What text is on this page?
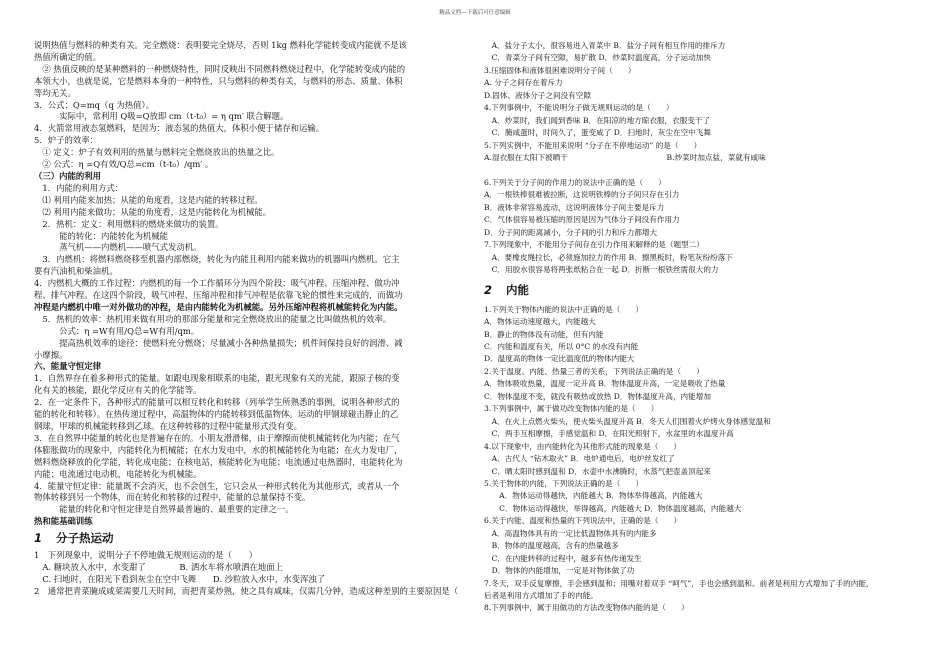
精品文档---下载后可任意编辑
说明热值与燃料的种类有关。完全燃烧：表明要完全烧尽，否则 1kg 燃料化学能转变成内能就不是该
热值所确定的值。
　② 热值反映的是某种燃料的一种燃烧特性，同时反映出不同燃料燃烧过程中，化学能转变成内能的
本领大小，也就是说，它是燃料本身的一种特性，只与燃料的种类有关，与燃料的形态、质量、体积
等均无关。
3．公式：Q=mq（q 为热值）。
　　　实际中，常利用 Q吸=Q放即 cm（t-t₀）= η qm′ 联合解题。
4．火箭常用液态氢燃料，是因为：液态氢的热值大，体积小便于储存和运输。
5．炉子的效率：
　① 定义：炉子有效利用的热量与燃料完全燃烧放出的热量之比。
　② 公式：η =Q有效/Q总=cm（t-t₀）/qm′ 。
（三）内能的利用
　1．内能的利用方式：
　⑴ 利用内能来加热；从能的角度看，这是内能的转移过程。
　⑵ 利用内能来做功；从能的角度看，这是内能转化为机械能。
　2．热机：定义：利用燃料的燃烧来做功的装置。
　　　能的转化：内能转化为机械能
　　　蒸气机——内燃机——喷气式发动机。
　3．内燃机：将燃料燃烧移至机器内部燃烧，转化为内能且利用内能来做功的机器叫内燃机。它主
要有汽油机和柴油机。
4．内燃机大概的工作过程：内燃机的每一个工作循环分为四个阶段：吸气冲程、压缩冲程、做功冲
程、排气冲程。在这四个阶段，吸气冲程、压缩冲程和排气冲程是依靠飞轮的惯性来完成的，而做功
冲程是内燃机中唯一对外做功的冲程，是由内能转化为机械能。另外压缩冲程将机械能转化为内能。
　5．热机的效率：热机用来做有用功的那部分能量和完全燃烧放出的能量之比叫做热机的效率。
　　　公式：η =W有用/Q总=W有用/qm。
　　　提高热机效率的途径：使燃料充分燃烧；尽量减小各种热量损失；机件间保持良好的润滑、减
小摩擦。
六、能量守恒定律
1．自然界存在着多种形式的能量。如跟电现象相联系的电能，跟光现象有关的光能，跟原子核的变
化有关的核能，跟化学反应有关的化学能等。
2．在一定条件下，各种形式的能量可以相互转化和转移（列举学生所熟悉的事例，说明各种形式的
能的转化和转移）。在热传递过程中，高温物体的内能转移到低温物体。运动的甲钢球碰击静止的乙
钢球，甲球的机械能转移到乙球。在这种转移的过程中能量形式没有变。
3．在自然界中能量的转化也是普遍存在的。小朋友滑滑梯，由于摩擦而使机械能转化为内能；在气
体膨胀做功的现象中，内能转化为机械能；在水力发电中，水的机械能转化为电能；在火力发电厂，
燃料燃烧释放的化学能，转化成电能；在核电站，核能转化为电能；电流通过电热器时，电能转化为
内能；电流通过电动机，电能转化为机械能。
4．能量守恒定律：能量既不会消灭，也不会创生，它只会从一种形式转化为其他形式，或者从一个
物体转移到另一个物体，而在转化和转移的过程中，能量的总量保持不变。
　　　能量的转化和守恒定律是自然界最普遍的、最重要的定律之一。
热和能基础训练
1 分子热运动
1　下列现象中，说明分子不停地做无规则运动的是（　　）
　A. 糖块放入水中，水变甜了　　　　B. 洒水车将水喷洒在地面上
　C. 扫地时，在阳光下看到灰尘在空中飞舞　　D. 沙粒放入水中，水变浑浊了
2　通常把青菜腌成咸菜需要几天时间，而把青菜炒熟，使之具有咸味，仅需几分钟，造成这种差别的主要原因是（
　A．盐分子太小，很容易进入青菜中 B．盐分子间有相互作用的排斥力
　C．青菜分子间有空隙，易扩散 D．炒菜时温度高，分子运动加快
3.压缩固体和液体很困难说明分子间（　　）
A. 分子之间存在着斥力
D.固体、液体分子之间没有空隙
4.下列事例中，不能说明分子做无规则运动的是（　　）
　A．炒菜时，我们闻到香味 B．在阳凉的地方晾衣服，衣服变干了
　C．腌咸蛋时，时间久了，蛋变咸了 D．扫地时，灰尘在空中飞舞
5.下列实例中，不能用来说明 “分子在不停地运动” 的是（　　）
A.湿衣服在太阳下被晒干　　　　　　　　　　　　　B.炒菜时加点盐，菜就有咸味

6.下列关于分子间的作用力的说法中正确的是（　　）
A．一根铁棒很难被拉断，这说明铁棒的分子间只存在引力
B．液体非常容易流动，这说明液体分子间主要是斥力
C．气体很容易被压缩的原因是因为气体分子间没有作用力
D．分子间的距离减小，分子间的引力和斥力都增大
7.下列现象中，不能用分子间存在引力作用来解释的是（题型二）
　A．要橡皮绳拉长，必须施加拉力的作用 B．擦黑板时，粉笔灰纷纷落下
　C．用胶水很容易将两张纸粘合在一起 D．折断一根铁丝需很大的力
2 内能
1.下列关于物体内能的说法中正确的是（　　）
A．物体运动速度越大，内能越大
B．静止的物体没有动能，但有内能
C．内能和温度有关，所以 0°C 的水没有内能
D．温度高的物体一定比温度低的物体内能大
2.关于温度、内能、热量三者的关系，下列说法正确的是（　　）
A．物体吸收热量，温度一定升高 B．物体温度升高，一定是吸收了热量
C．物体温度不变，就没有吸热或放热 D．物体温度升高，内能增加
3.下列事例中，属于做功改变物体内能的是（　　）
　A．在火上点燃火柴头，使火柴头温度升高 B．冬天人们围着火炉烤火身体感觉温和
　C．两手互相摩擦，手感觉温和 D．在阳光照射下，水盆里的水温度升高
4.以下现象中，由内能转化为其他形式能的现象是（　　）
　A．古代人 “钻木取火” B．电炉通电后，电炉丝发红了
　C．晒太阳时感到温和 D．水壶中水沸腾时，水蒸气把壶盖顶起来
5.关于物体的内能，下列说法正确的是（　　）
　　A．物体运动得越快，内能越大 B．物体举得越高，内能越大
　　C．物体运动得越快，举得越高，内能越大 D．物体温度越高，内能越大
6.关于内能、温度和热量的下列说法中，正确的是（　　）
　A．高温物体具有的一定比低温物体具有的内能多
　B．物体的温度越高，含有的热量越多
　C．在内能转移的过程中，越多有热传递发生
　D．物体的内能增加，一定是对物体做了功
7.冬天，双手反复摩擦，手会感到温和；用嘴对着双手 “呵气”，手也会感到温和。前者是利用方式增加了手的内能，
后者是利用方式增加了手的内能。
8.下列事例中，属于用做功的方法改变物体内能的是（　　）
